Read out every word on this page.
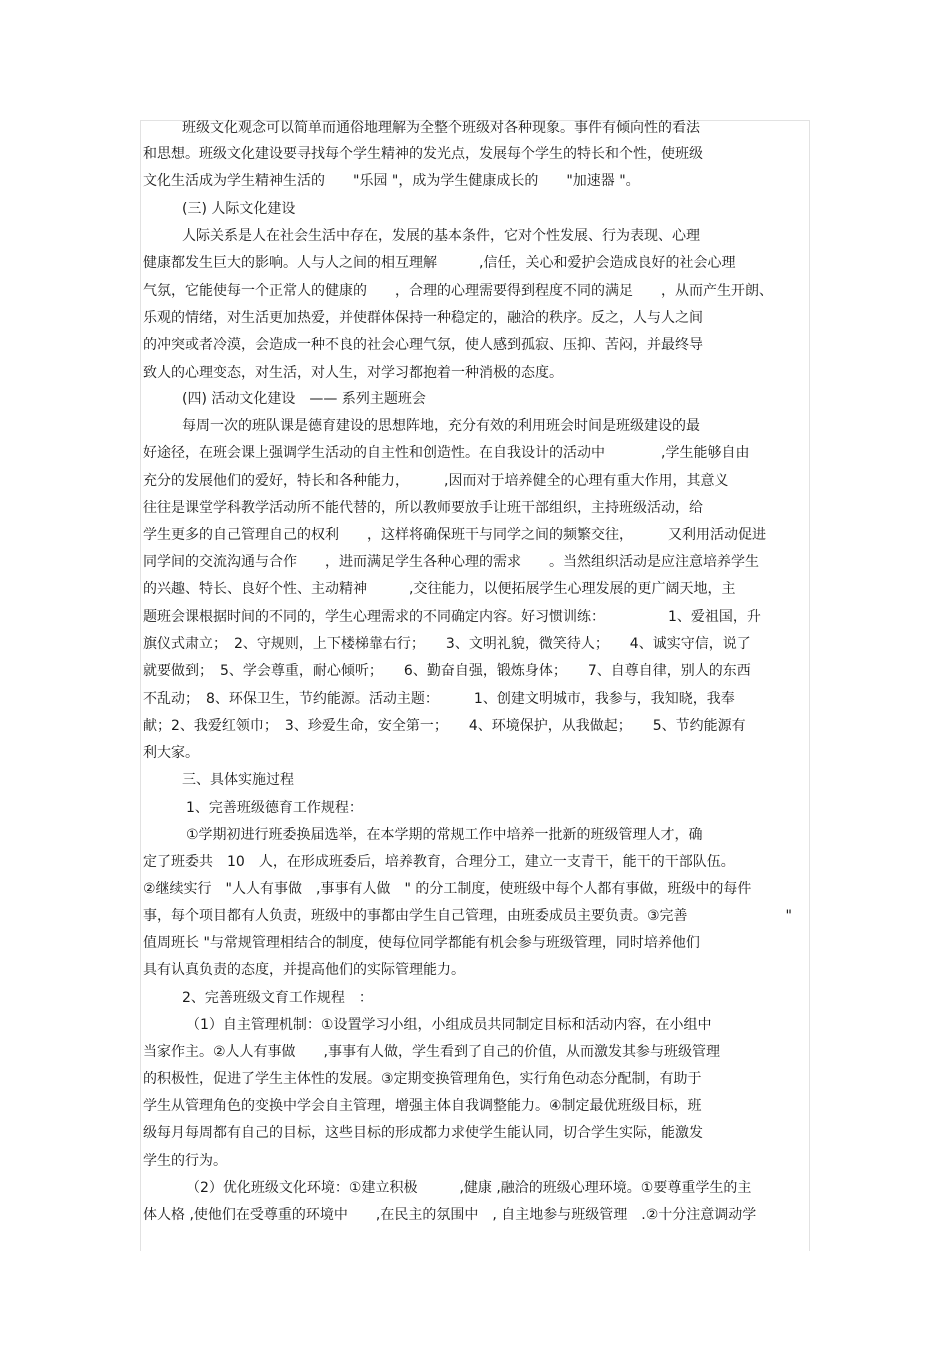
班级文化观念可以简单而通俗地理解为全整个班级对各种现象。事件有倾向性的看法
和思想。班级文化建设要寻找每个学生精神的发光点，发展每个学生的特长和个性，使班级
文化生活成为学生精神生活的　　"乐园 "，成为学生健康成长的　　"加速器 "。
(三) 人际文化建设
人际关系是人在社会生活中存在，发展的基本条件，它对个性发展、行为表现、心理
健康都发生巨大的影响。人与人之间的相互理解　　　,信任，关心和爱护会造成良好的社会心理
气氛，它能使每一个正常人的健康的　　，合理的心理需要得到程度不同的满足　　，从而产生开朗、
乐观的情绪，对生活更加热爱，并使群体保持一种稳定的，融洽的秩序。反之，人与人之间
的冲突或者冷漠，会造成一种不良的社会心理气氛，使人感到孤寂、压抑、苦闷，并最终导
致人的心理变态，对生活，对人生，对学习都抱着一种消极的态度。
(四) 活动文化建设　—— 系列主题班会
每周一次的班队课是德育建设的思想阵地，充分有效的利用班会时间是班级建设的最
好途径，在班会课上强调学生活动的自主性和创造性。在自我设计的活动中　　　　,学生能够自由
充分的发展他们的爱好，特长和各种能力，　　　,因而对于培养健全的心理有重大作用，其意义
往往是课堂学科教学活动所不能代替的，所以教师要放手让班干部组织，主持班级活动，给
学生更多的自己管理自己的权利　　，这样将确保班干与同学之间的频繁交往，　　　又利用活动促进
同学间的交流沟通与合作　　，进而满足学生各种心理的需求　　。当然组织活动是应注意培养学生
的兴趣、特长、良好个性、主动精神　　　,交往能力，以便拓展学生心理发展的更广阔天地，主
题班会课根据时间的不同的，学生心理需求的不同确定内容。好习惯训练：　　　　　1、爱祖国，升
旗仪式肃立；　2、守规则，上下楼梯靠右行；　　3、文明礼貌，微笑待人；　　4、诚实守信，说了
就要做到；　5、学会尊重，耐心倾听；　　6、勤奋自强，锻炼身体；　　7、自尊自律，别人的东西
不乱动；　8、环保卫生，节约能源。活动主题：　　　1、创建文明城市，我参与，我知晓，我奉
献；2、我爱红领巾；　3、珍爱生命，安全第一；　　4、环境保护，从我做起；　　5、节约能源有
利大家。
三、具体实施过程
1、完善班级德育工作规程：
①学期初进行班委换届选举，在本学期的常规工作中培养一批新的班级管理人才，确
定了班委共　10　人，在形成班委后，培养教育，合理分工，建立一支青干，能干的干部队伍。
②继续实行　"人人有事做　,事事有人做　" 的分工制度，使班级中每个人都有事做，班级中的每件
事，每个项目都有人负责，班级中的事都由学生自己管理，由班委成员主要负责。③完善　　　　　　　"
值周班长 "与常规管理相结合的制度，使每位同学都能有机会参与班级管理，同时培养他们
具有认真负责的态度，并提高他们的实际管理能力。
2、完善班级文育工作规程　：
（1）自主管理机制：①设置学习小组，小组成员共同制定目标和活动内容，在小组中
当家作主。②人人有事做　　,事事有人做，学生看到了自己的价值，从而激发其参与班级管理
的积极性，促进了学生主体性的发展。③定期变换管理角色，实行角色动态分配制，有助于
学生从管理角色的变换中学会自主管理，增强主体自我调整能力。④制定最优班级目标，班
级每月每周都有自己的目标，这些目标的形成都力求使学生能认同，切合学生实际，能激发
学生的行为。
（2）优化班级文化环境：①建立积极　　　,健康 ,融洽的班级心理环境。①要尊重学生的主
体人格 ,使他们在受尊重的环境中　　,在民主的氛围中　, 自主地参与班级管理　.②十分注意调动学
